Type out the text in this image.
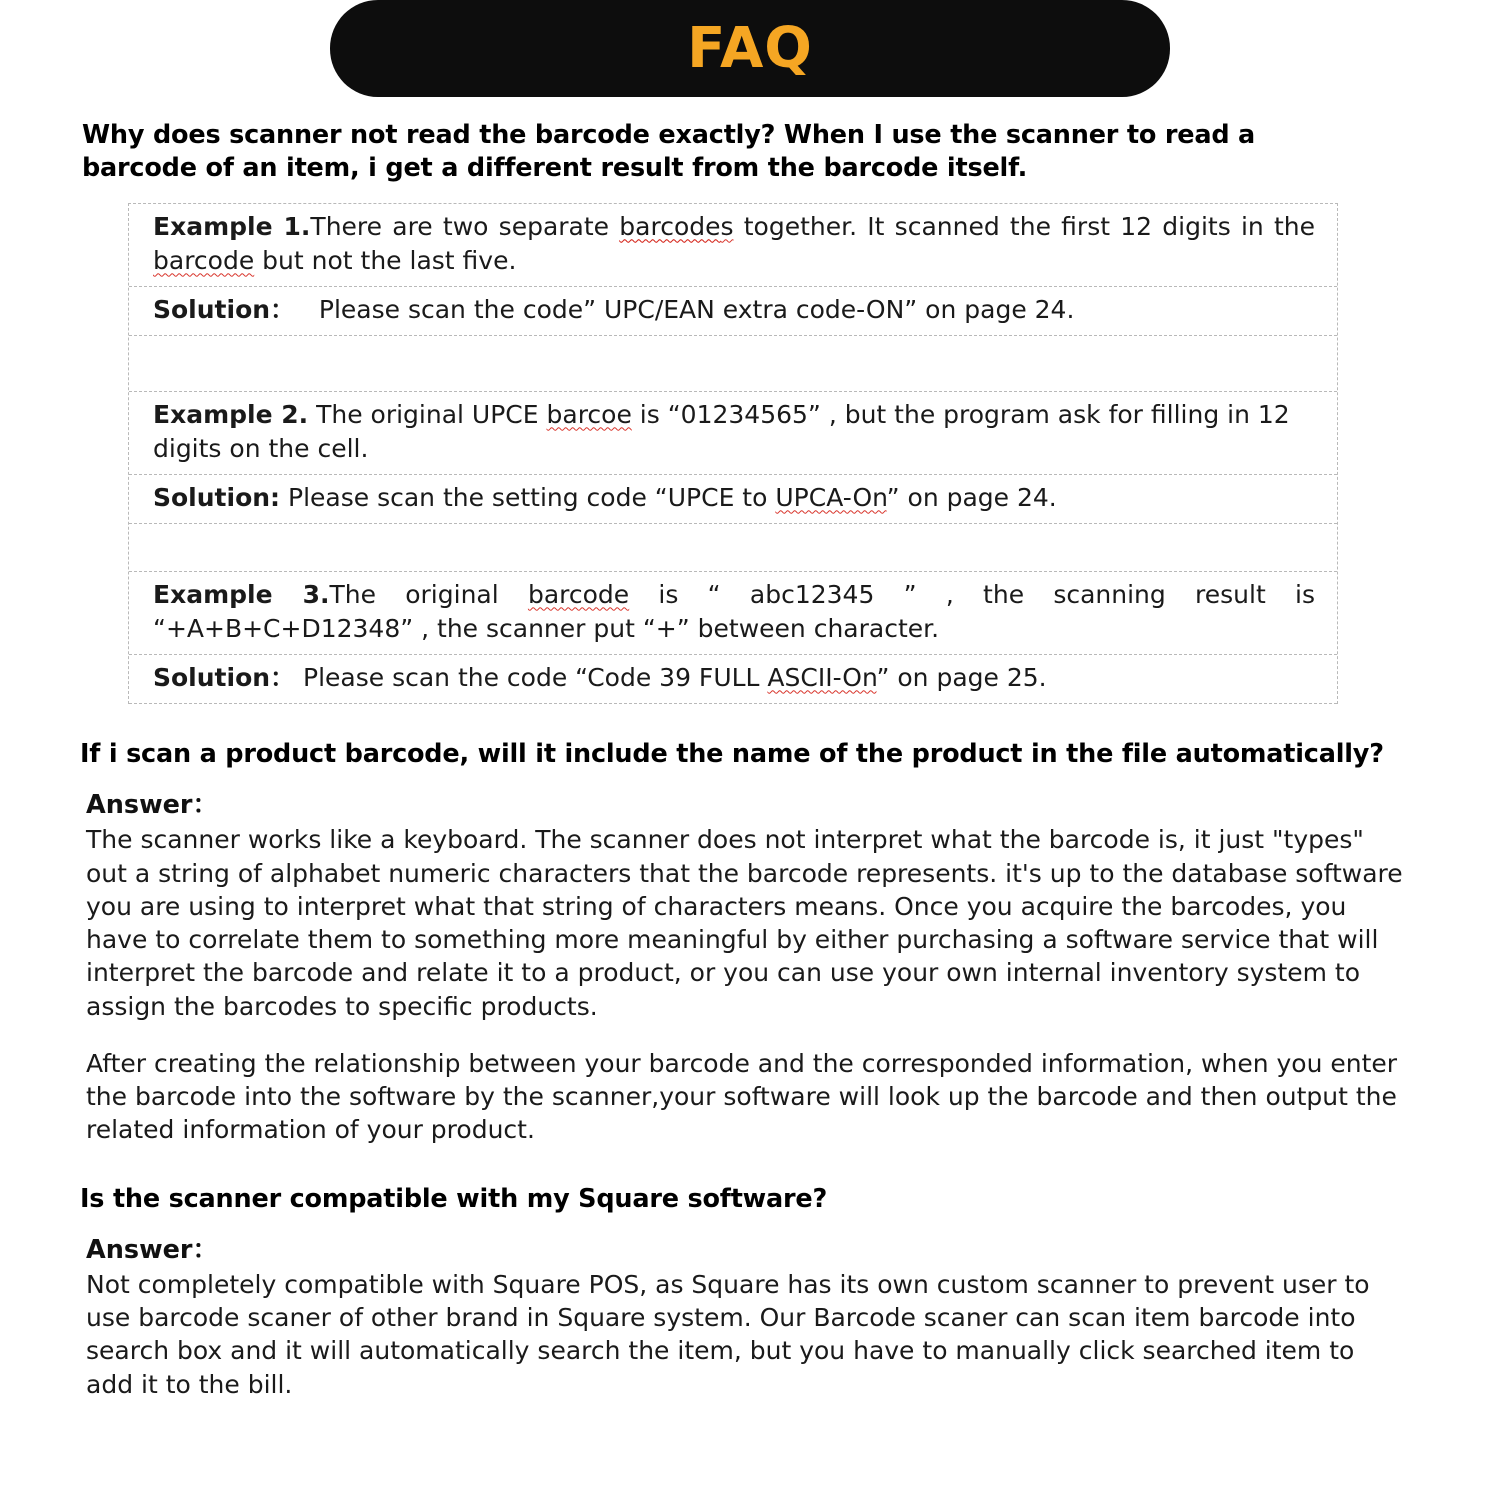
FAQ
Why does scanner not read the barcode exactly? When I use the scanner to read a barcode of an item, i get a different result from the barcode itself.
Example 1.There are two separate barcodes together. It scanned the first 12 digits in the barcode but not the last five.
Solution： Please scan the code” UPC/EAN extra code-ON” on page 24.
Example 2. The original UPCE barcoe is “01234565” , but the program ask for filling in 12 digits on the cell.
Solution: Please scan the setting code “UPCE to UPCA-On” on page 24.
Example 3.The original barcode is “ abc12345 ” , the scanning result is “+A+B+C+D12348” , the scanner put “+” between character.
Solution： Please scan the code “Code 39 FULL ASCII-On” on page 25.
If i scan a product barcode, will it include the name of the product in the file automatically?
Answer：
The scanner works like a keyboard. The scanner does not interpret what the barcode is, it just "types" out a string of alphabet numeric characters that the barcode represents. it's up to the database software you are using to interpret what that string of characters means. Once you acquire the barcodes, you have to correlate them to something more meaningful by either purchasing a software service that will interpret the barcode and relate it to a product, or you can use your own internal inventory system to assign the barcodes to specific products.
After creating the relationship between your barcode and the corresponded information, when you enter the barcode into the software by the scanner,your software will look up the barcode and then output the related information of your product.
Is the scanner compatible with my Square software?
Answer：
Not completely compatible with Square POS, as Square has its own custom scanner to prevent user to use barcode scaner of other brand in Square system. Our Barcode scaner can scan item barcode into search box and it will automatically search the item, but you have to manually click searched item to add it to the bill.
